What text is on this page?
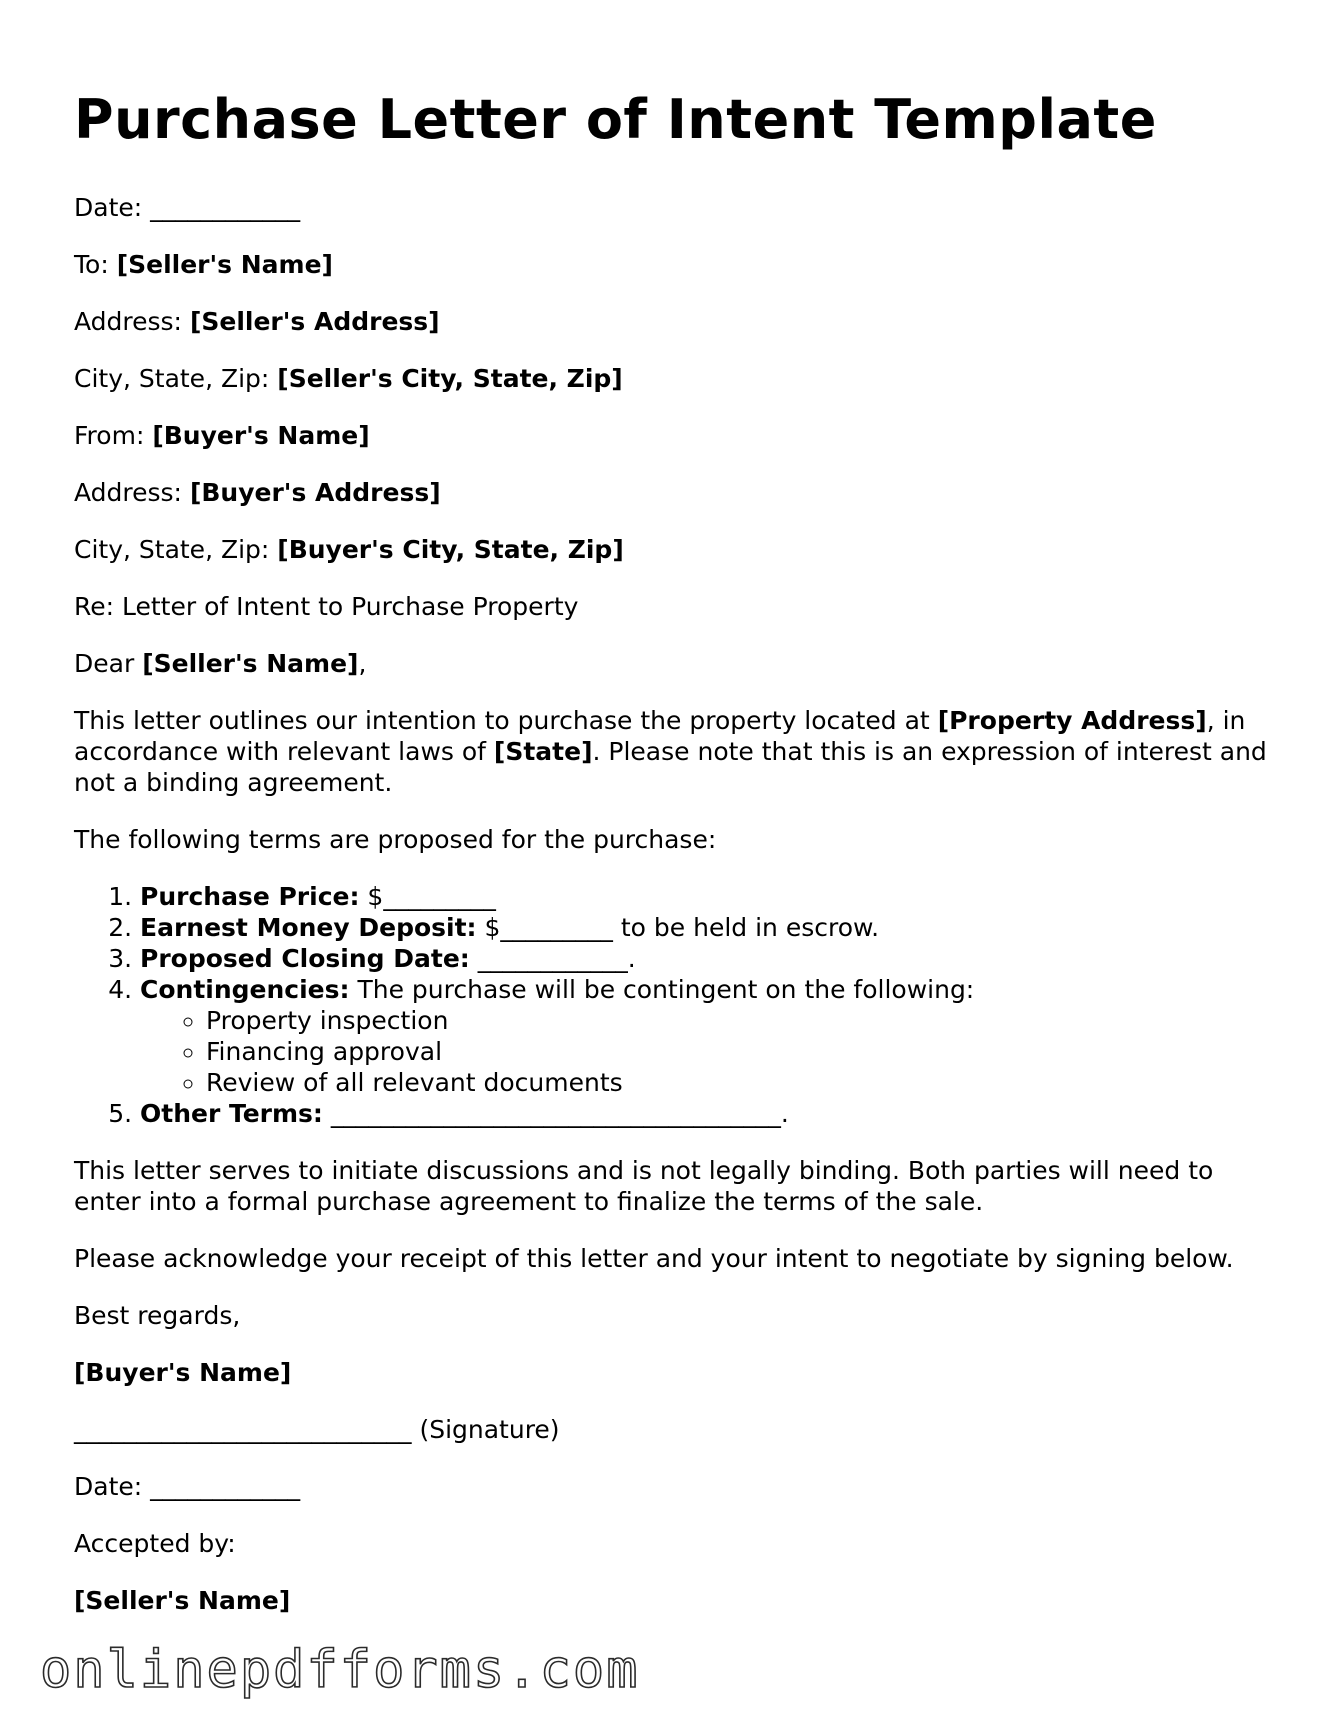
Purchase Letter of Intent Template

Date: ____________

To: [Seller's Name]

Address: [Seller's Address]

City, State, Zip: [Seller's City, State, Zip]

From: [Buyer's Name]

Address: [Buyer's Address]

City, State, Zip: [Buyer's City, State, Zip]

Re: Letter of Intent to Purchase Property

Dear [Seller's Name],

This letter outlines our intention to purchase the property located at [Property Address], in accordance with relevant laws of [State]. Please note that this is an expression of interest and not a binding agreement.

The following terms are proposed for the purchase:

1. Purchase Price: $_________
2. Earnest Money Deposit: $_________ to be held in escrow.
3. Proposed Closing Date: ____________.
4. Contingencies: The purchase will be contingent on the following:
◦ Property inspection
◦ Financing approval
◦ Review of all relevant documents
5. Other Terms: ____________________________________.

This letter serves to initiate discussions and is not legally binding. Both parties will need to enter into a formal purchase agreement to finalize the terms of the sale.

Please acknowledge your receipt of this letter and your intent to negotiate by signing below.

Best regards,

[Buyer's Name]

___________________________ (Signature)

Date: ____________

Accepted by:

[Seller's Name]

onlinepdfforms.com
